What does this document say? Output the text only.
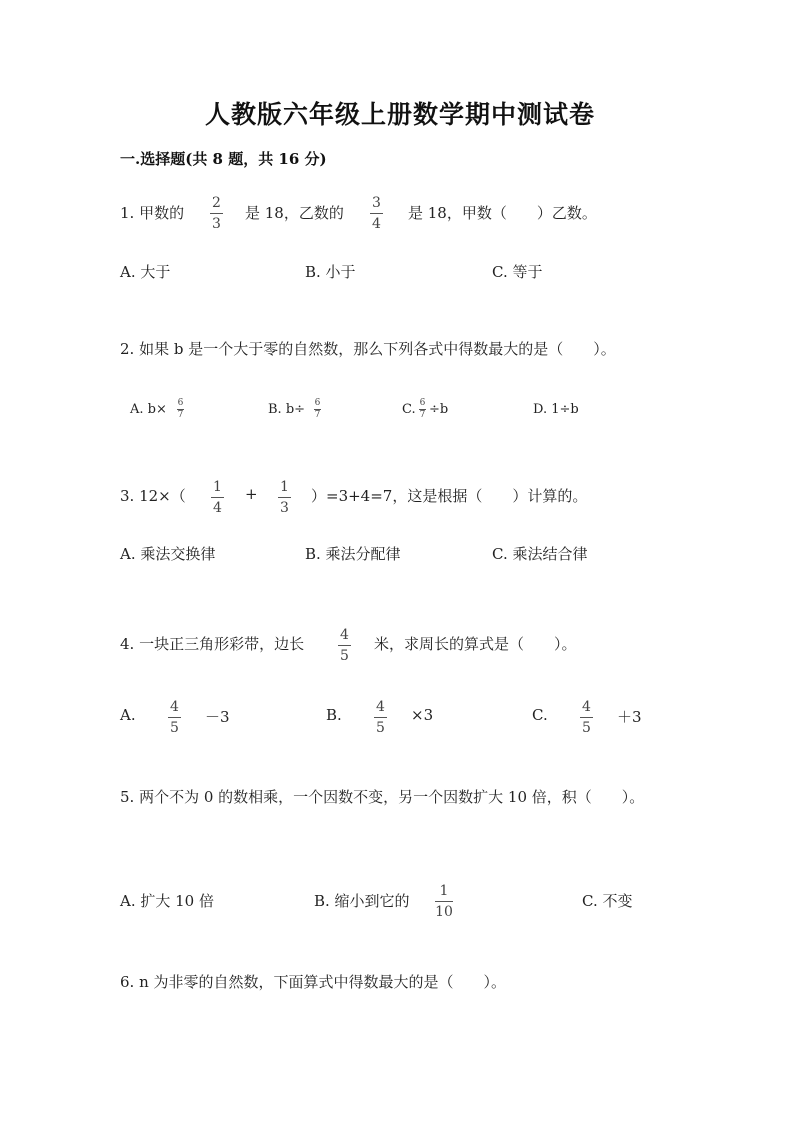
人教版六年级上册数学期中测试卷
一.选择题(共 8 题，共 16 分)
1. 甲数的
2
3
是 18，乙数的
3
4
是 18，甲数（　　）乙数。
A. 大于	B. 小于	C. 等于
2. 如果 b 是一个大于零的自然数，那么下列各式中得数最大的是（　　）。
A. b× 6
7	B. b÷ 6
7	C. 6
7 ÷b	D. 1÷b
3. 12×（ 1
4
+ 1
3
）=3+4=7，这是根据（　　）计算的。
A. 乘法交换律	B. 乘法分配律	C. 乘法结合律
4. 一块正三角形彩带，边长	4
5
米，求周长的算式是（　　）。
A. 4
5
－3	B. 4
5
×3	C. 4
5
＋3
5. 两个不为 0 的数相乘，一个因数不变，另一个因数扩大 10 倍，积（　　）。
A. 扩大 10 倍	B. 缩小到它的
1
10
C. 不变
6. n 为非零的自然数，下面算式中得数最大的是（　　）。
